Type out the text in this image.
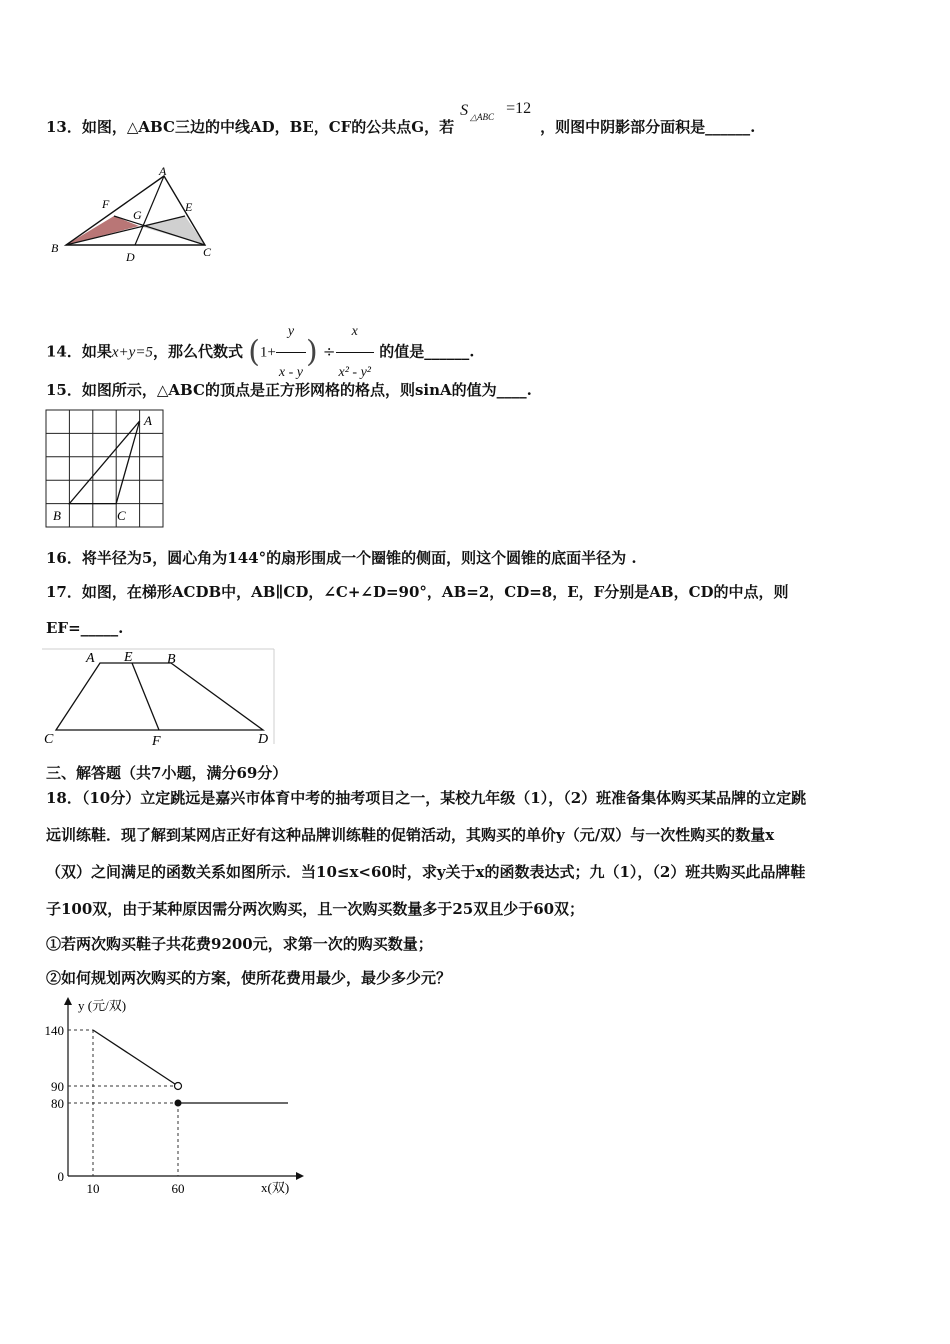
13．如图，△ABC三边的中线AD，BE，CF的公共点G，若
S △ABC =12
，则图中阴影部分面积是______.
A
B	C
D
E
F
G
14．如果x+y=5，那么代数式 ($1+ \frac{y}{x - y}$ ) ÷ $\frac{x}{\text{x² - y²}}$ 的值是______.
15．如图所示，△ABC的顶点是正方形网格的格点，则sinA的值为____.
A
B	C
16．将半径为5，圆心角为144°的扇形围成一个圈锥的侧面，则这个圆锥的底面半径为 .
17．如图，在梯形ACDB中，AB∥CD，∠C+∠D=90°，AB=2，CD=8，E，F分别是AB，CD的中点，则
EF=_____.
A E B
C	F	D
三、解答题（共7小题，满分69分）
18．（10分）立定跳远是嘉兴市体育中考的抽考项目之一，某校九年级（1），（2）班准备集体购买某品牌的立定跳
远训练鞋．现了解到某网店正好有这种品牌训练鞋的促销活动，其购买的单价y（元/双）与一次性购买的数量x
（双）之间满足的函数关系如图所示．当10≤x<60时，求y关于x的函数表达式；九（1），（2）班共购买此品牌鞋
子100双，由于某种原因需分两次购买，且一次购买数量多于25双且少于60双；
①若两次购买鞋子共花费9200元，求第一次的购买数量；
②如何规划两次购买的方案，使所花费用最少，最少多少元？
y (元/双)
x(双)
140
90
80
0
10	60
